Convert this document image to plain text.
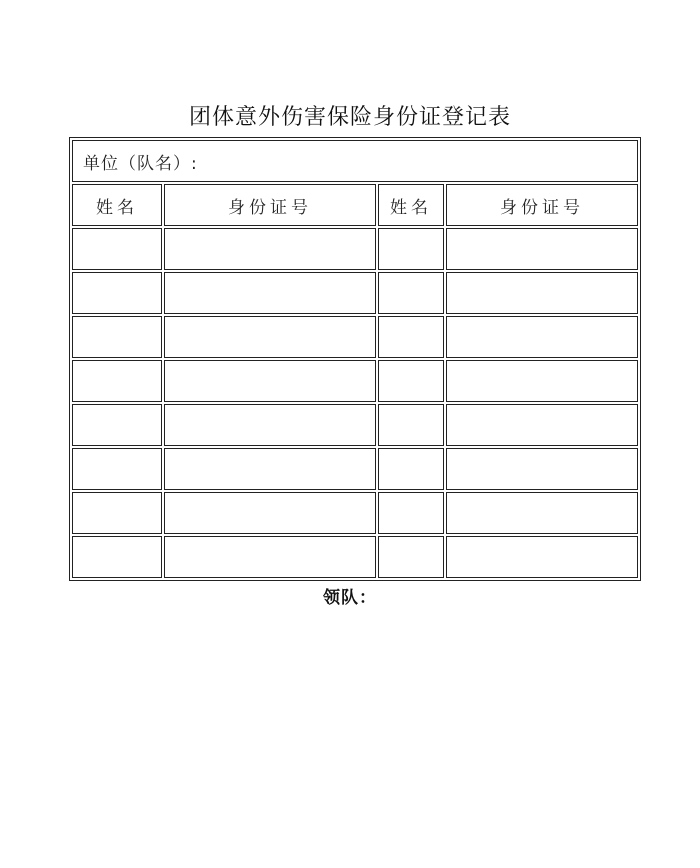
团体意外伤害保险身份证登记表
单位（队名）:			
姓名	身份证号	姓名	身份证号

领队：
